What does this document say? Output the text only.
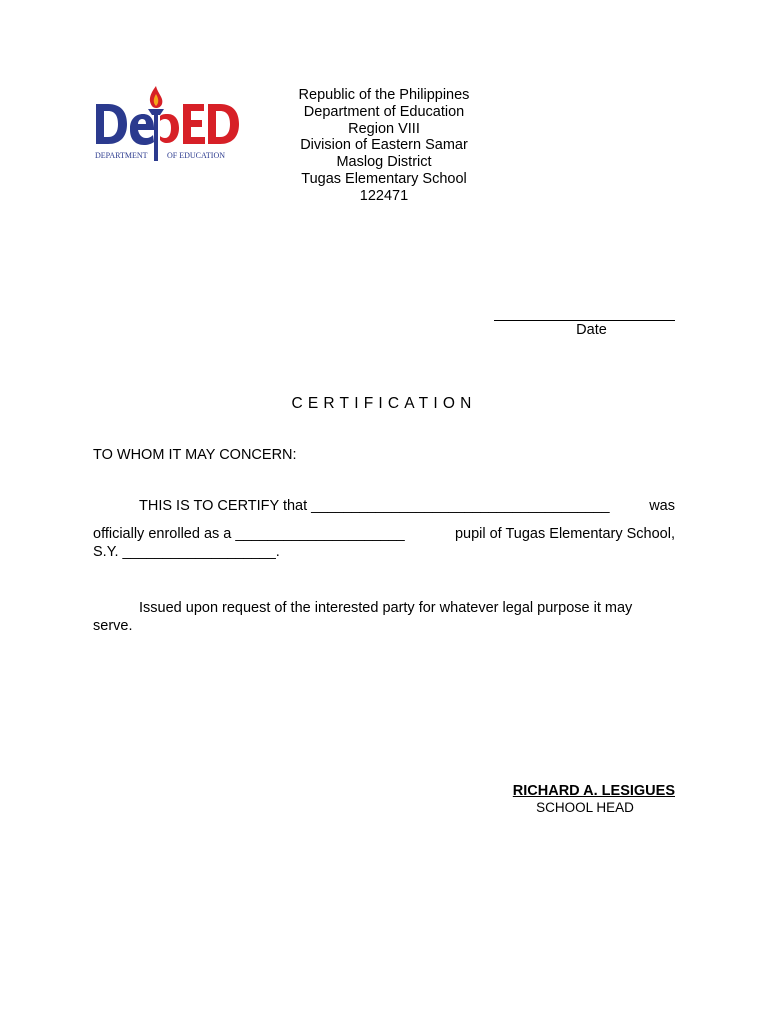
DEPARTMENT OF EDUCATION
Republic of the Philippines
Department of Education
Region VIII
Division of Eastern Samar
Maslog District
Tugas Elementary School
122471
Date
CERTIFICATION
TO WHOM IT MAY CONCERN:
THIS IS TO CERTIFY that _____________________________________	was
officially enrolled as a _____________________	pupil of Tugas Elementary School,
S.Y. ___________________.
Issued upon request of the interested party for whatever legal purpose it may serve.
RICHARD A. LESIGUES
SCHOOL HEAD
